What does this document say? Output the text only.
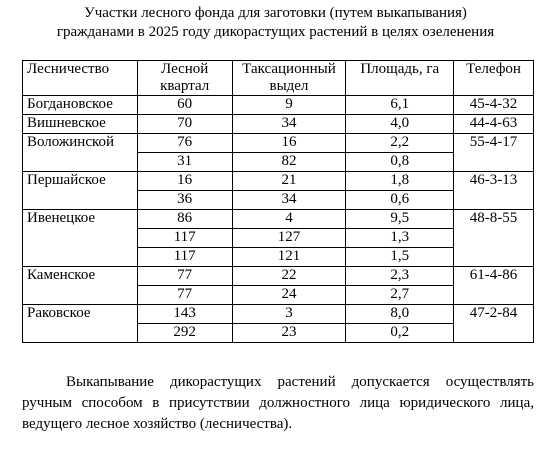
Участки лесного фонда для заготовки (путем выкапывания)
гражданами в 2025 году дикорастущих растений в целях озеленения
Лесничество	Лесной квартал	Таксационный выдел	Площадь, га	Телефон
Богдановское	60	9	6,1	45-4-32
Вишневское	70	34	4,0	44-4-63
Воложинской	76	16	2,2	55-4-17
	31	82	0,8	
Першайское	16	21	1,8	46-3-13
	36	34	0,6	
Ивенецкое	86	4	9,5	48-8-55
	117	127	1,3	
	117	121	1,5	
Каменское	77	22	2,3	61-4-86
	77	24	2,7	
Раковское	143	3	8,0	47-2-84
	292	23	0,2	
Выкапывание дикорастущих растений допускается осуществлять ручным способом в присутствии должностного лица юридического лица, ведущего лесное хозяйство (лесничества).
